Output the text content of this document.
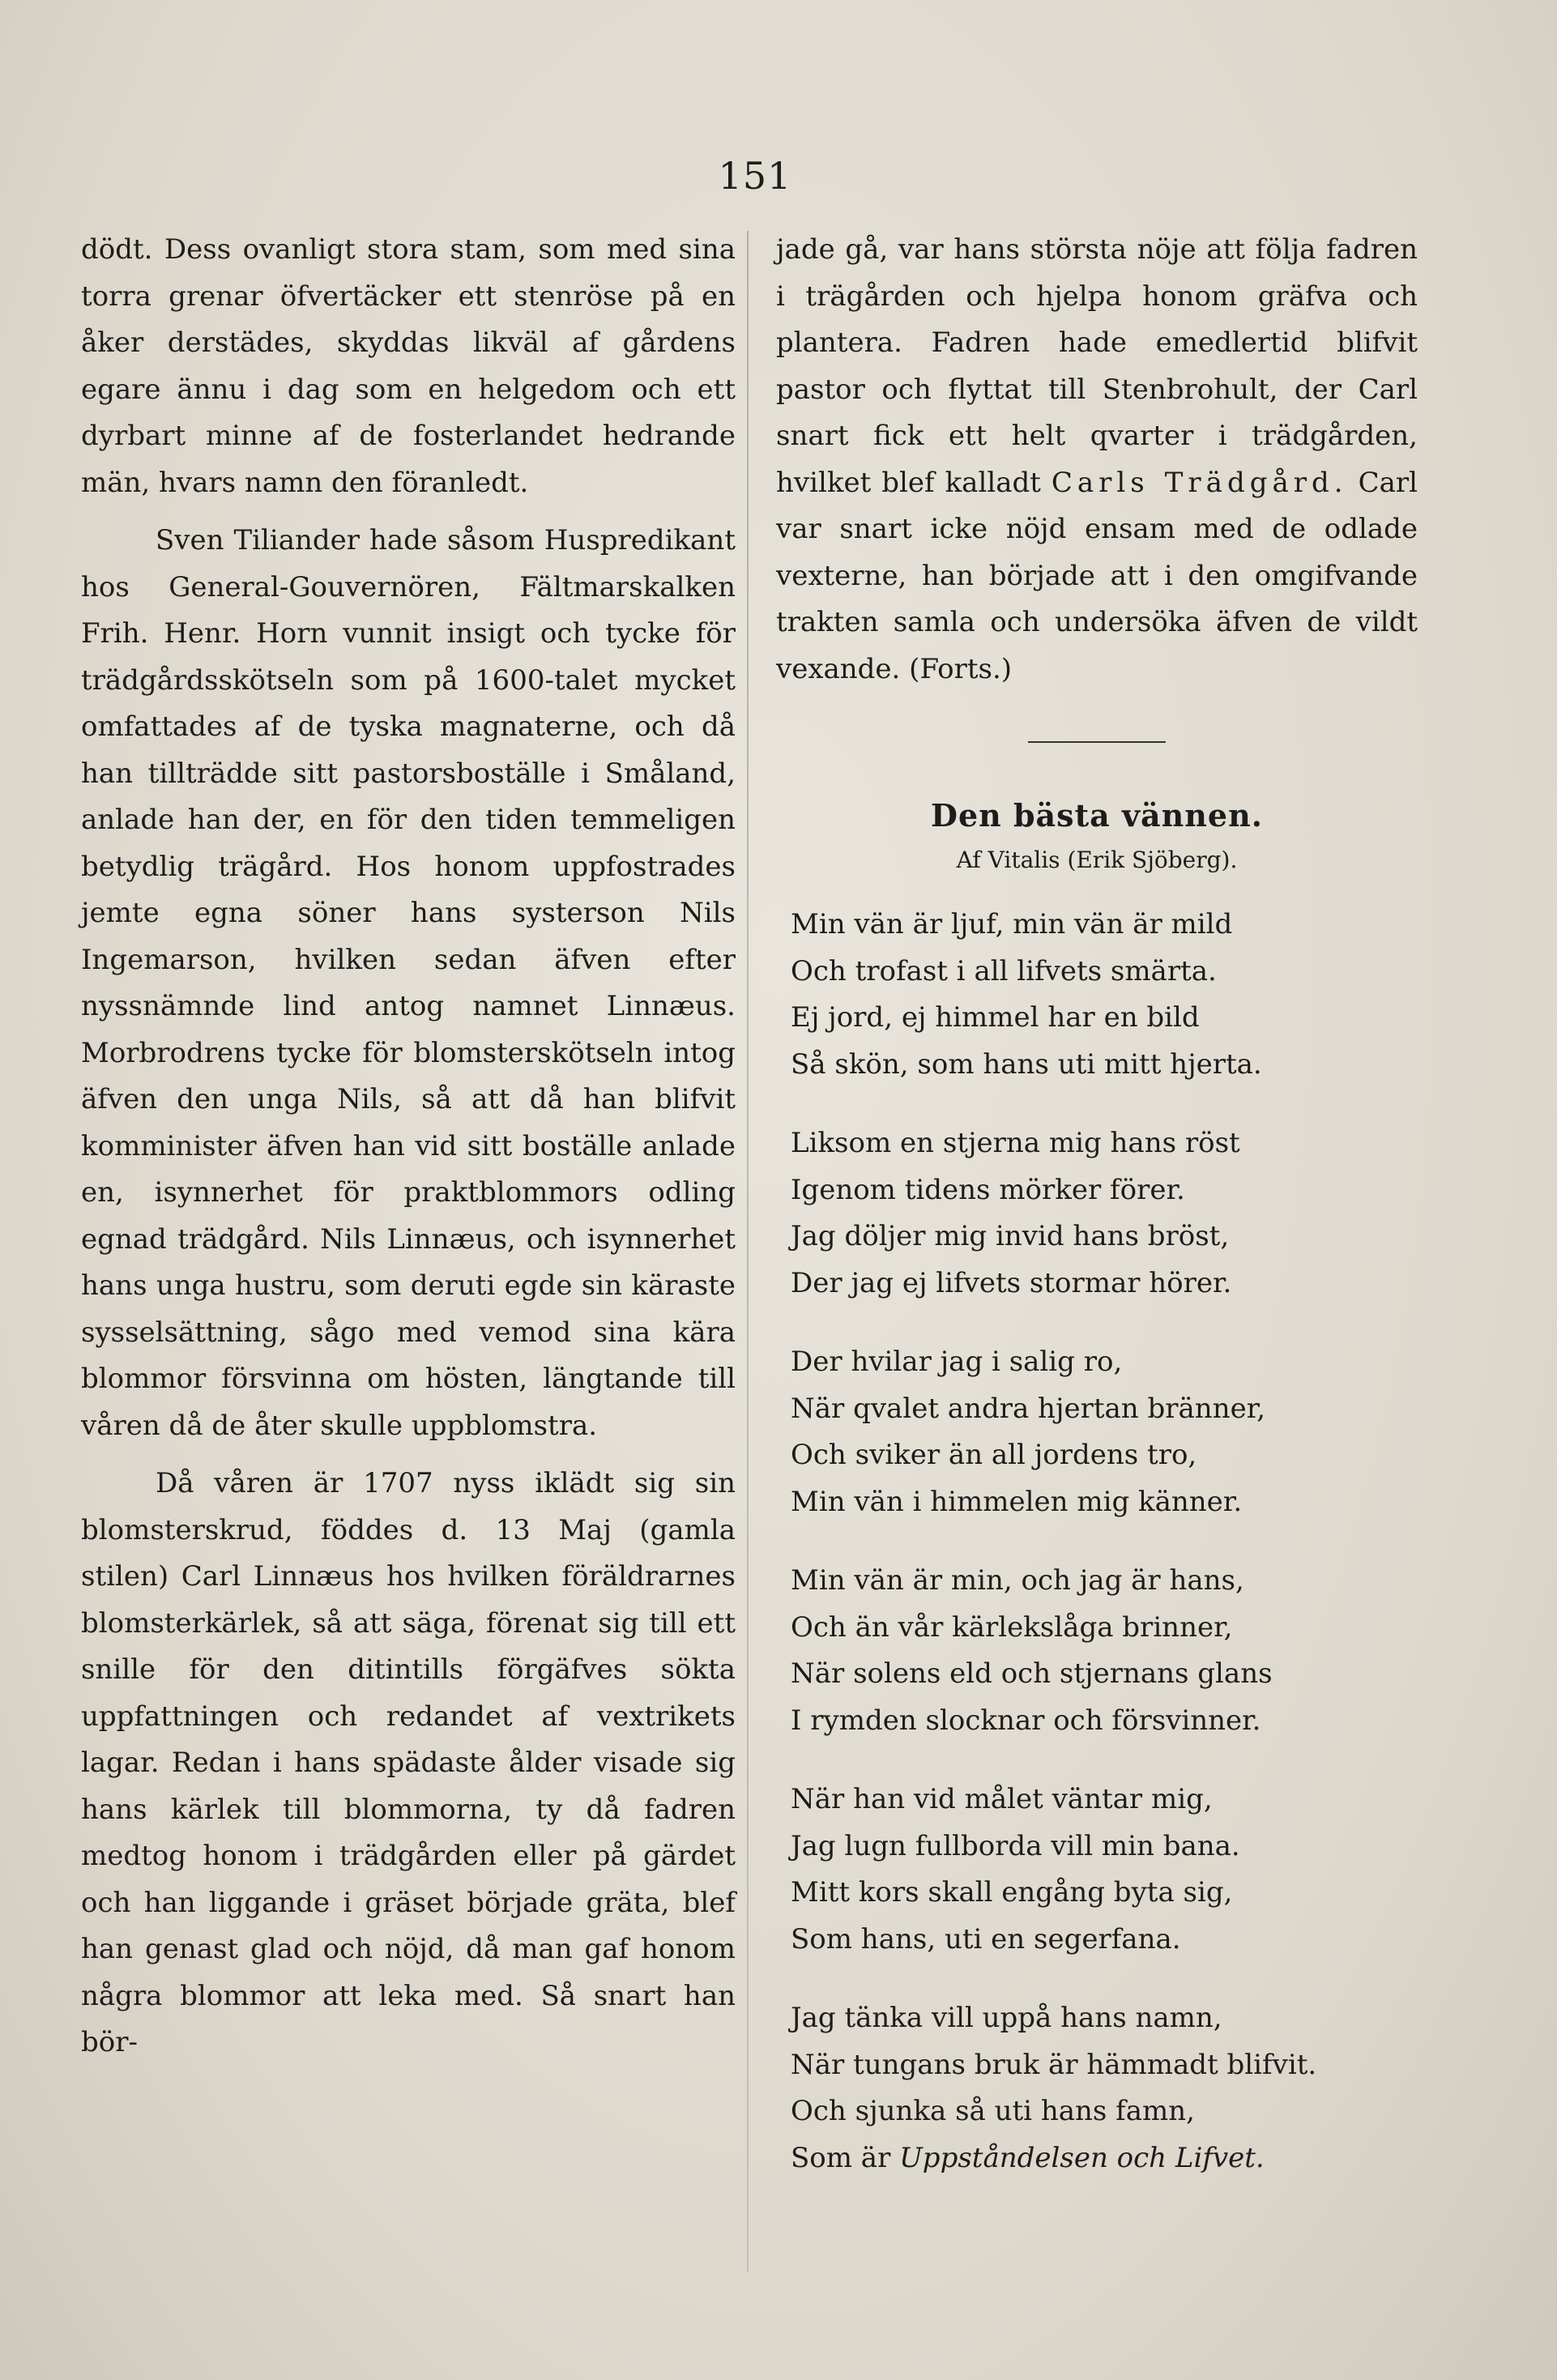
151

dödt. Dess ovanligt stora stam, som med sina torra grenar öfvertäcker ett stenröse på en åker derstädes, skyddas likväl af gårdens egare ännu i dag som en helgedom och ett dyrbart minne af de fosterlandet hedrande män, hvars namn den föranledt.

Sven Tiliander hade såsom Huspredikant hos General-Gouvernören, Fältmarskalken Frih. Henr. Horn vunnit insigt och tycke för trädgårdsskötseln som på 1600-talet mycket omfattades af de tyska magnaterne, och då han tillträdde sitt pastorsboställe i Småland, anlade han der, en för den tiden temmeligen betydlig trägård. Hos honom uppfostrades jemte egna söner hans systerson Nils Ingemarson, hvilken sedan äfven efter nyssnämnde lind antog namnet Linnæus. Morbrodrens tycke för blomsterskötseln intog äfven den unga Nils, så att då han blifvit komminister äfven han vid sitt boställe anlade en, isynnerhet för praktblommors odling egnad trädgård. Nils Linnæus, och isynnerhet hans unga hustru, som deruti egde sin käraste sysselsättning, sågo med vemod sina kära blommor försvinna om hösten, längtande till våren då de åter skulle uppblomstra.

Då våren är 1707 nyss iklädt sig sin blomsterskrud, föddes d. 13 Maj (gamla stilen) Carl Linnæus hos hvilken föräldrarnes blomsterkärlek, så att säga, förenat sig till ett snille för den ditintills förgäfves sökta uppfattningen och redandet af vextrikets lagar. Redan i hans spädaste ålder visade sig hans kärlek till blommorna, ty då fadren medtog honom i trädgården eller på gärdet och han liggande i gräset började gräta, blef han genast glad och nöjd, då man gaf honom några blommor att leka med. Så snart han bör-

jade gå, var hans största nöje att följa fadren i trägården och hjelpa honom gräfva och plantera. Fadren hade emedlertid blifvit pastor och flyttat till Stenbrohult, der Carl snart fick ett helt qvarter i trädgården, hvilket blef kalladt Carls Trädgård. Carl var snart icke nöjd ensam med de odlade vexterne, han började att i den omgifvande trakten samla och undersöka äfven de vildt vexande. (Forts.)

Den bästa vännen.

Af Vitalis (Erik Sjöberg).

Min vän är ljuf, min vän är mild
Och trofast i all lifvets smärta.
Ej jord, ej himmel har en bild
Så skön, som hans uti mitt hjerta.
Liksom en stjerna mig hans röst
Igenom tidens mörker förer.
Jag döljer mig invid hans bröst,
Der jag ej lifvets stormar hörer.
Der hvilar jag i salig ro,
När qvalet andra hjertan bränner,
Och sviker än all jordens tro,
Min vän i himmelen mig känner.
Min vän är min, och jag är hans,
Och än vår kärlekslåga brinner,
När solens eld och stjernans glans
I rymden slocknar och försvinner.
När han vid målet väntar mig,
Jag lugn fullborda vill min bana.
Mitt kors skall engång byta sig,
Som hans, uti en segerfana.
Jag tänka vill uppå hans namn,
När tungans bruk är hämmadt blifvit.
Och sjunka så uti hans famn,
Som är Uppståndelsen och Lifvet.
